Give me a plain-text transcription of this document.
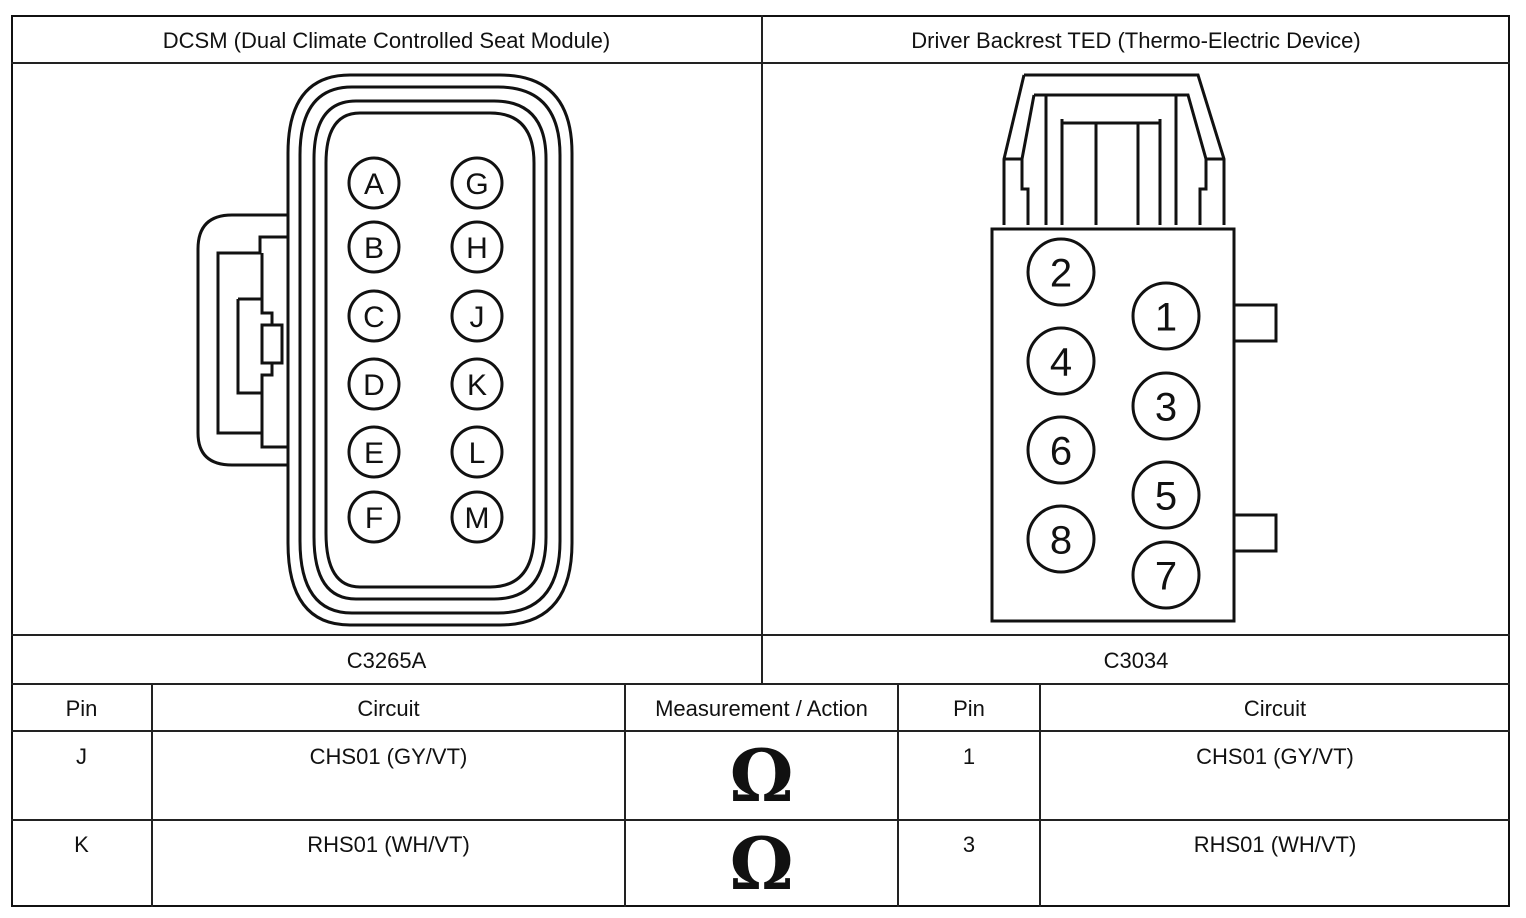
DCSM (Dual Climate Controlled Seat Module)	Driver Backrest TED (Thermo-Electric Device)
A
B
C
D
E
F
G
H
J
K
L
M
1
2
3
4
5
6
7
8
C3265A	C3034
Pin	Circuit	Measurement / Action	Pin	Circuit
J	CHS01 (GY/VT)	Ω	1	CHS01 (GY/VT)
K	RHS01 (WH/VT)	Ω	3	RHS01 (WH/VT)
